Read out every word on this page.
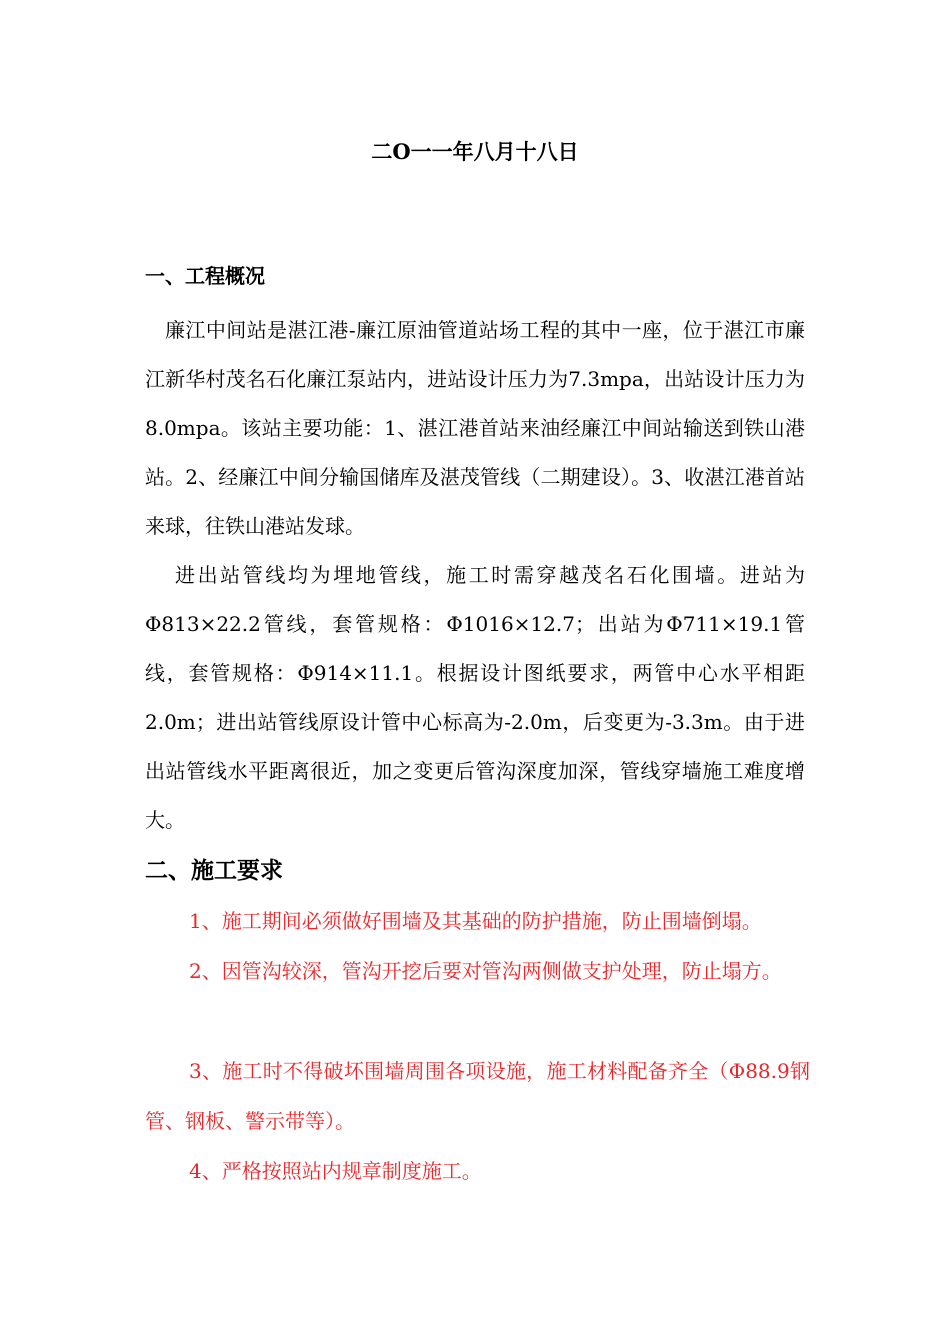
二O一一年八月十八日
一、工程概况

廉江中间站是湛江港-廉江原油管道站场工程的其中一座，位于湛江市廉江新华村茂名石化廉江泵站内，进站设计压力为7.3mpa，出站设计压力为8.0mpa。该站主要功能：1、湛江港首站来油经廉江中间站输送到铁山港站。2、经廉江中间分输国储库及湛茂管线（二期建设）。3、收湛江港首站来球，往铁山港站发球。

进出站管线均为埋地管线，施工时需穿越茂名石化围墙。进站为Φ813×22.2管线，套管规格：Φ1016×12.7；出站为Φ711×19.1管线，套管规格：Φ914×11.1。根据设计图纸要求，两管中心水平相距2.0m；进出站管线原设计管中心标高为-2.0m，后变更为-3.3m。由于进出站管线水平距离很近，加之变更后管沟深度加深，管线穿墙施工难度增大。

二、施工要求

1、施工期间必须做好围墙及其基础的防护措施，防止围墙倒塌。

2、因管沟较深，管沟开挖后要对管沟两侧做支护处理，防止塌方。

3、施工时不得破坏围墙周围各项设施，施工材料配备齐全（Φ88.9钢管、钢板、警示带等）。

4、严格按照站内规章制度施工。
